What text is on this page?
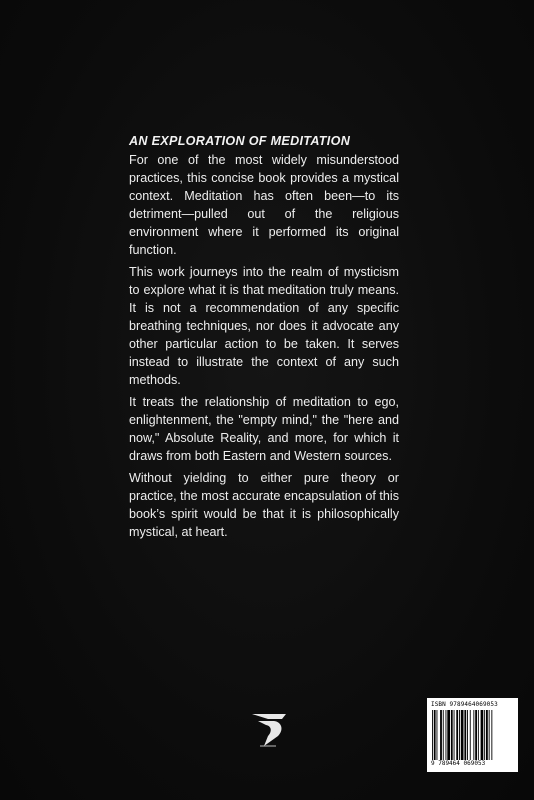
AN EXPLORATION OF MEDITATION

For one of the most widely misunderstood practices, this concise book provides a mystical context. Meditation has often been—to its detriment—pulled out of the religious environment where it performed its original function.

This work journeys into the realm of mysticism to explore what it is that meditation truly means. It is not a recommendation of any specific breathing techniques, nor does it advocate any other particular action to be taken. It serves instead to illustrate the context of any such methods.

It treats the relationship of meditation to ego, enlightenment, the "empty mind," the "here and now," Absolute Reality, and more, for which it draws from both Eastern and Western sources.

Without yielding to either pure theory or practice, the most accurate encapsulation of this book’s spirit would be that it is philosophically mystical, at heart.

ISBN 9789464069053
9 789464 069053
